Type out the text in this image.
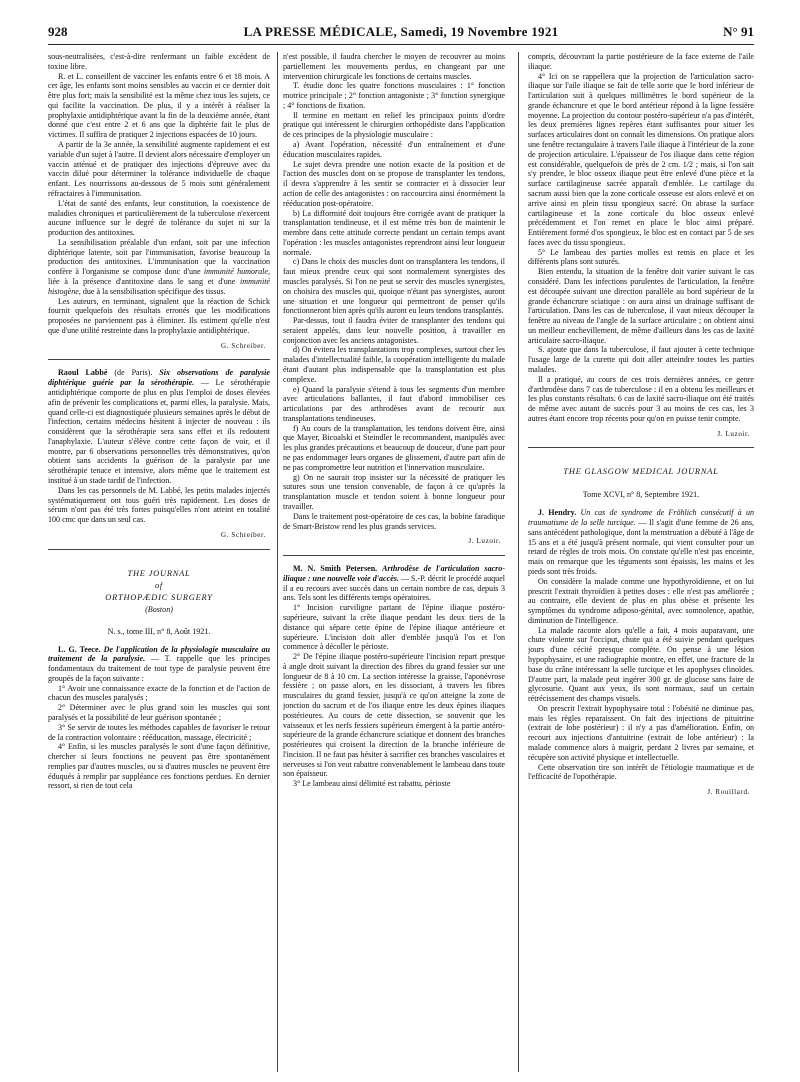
928	LA PRESSE MÉDICALE, Samedi, 19 Novembre 1921	N° 91

sous-neutralisées, c'est-à-dire renfermant un faible excédent de toxine libre.

R. et L. conseillent de vacciner les enfants entre 6 et 18 mois. A cet âge, les enfants sont moins sensibles au vaccin et ce dernier doit être plus fort; mais la sensibilité est la même chez tous les sujets, ce qui facilite la vaccination. De plus, il y a intérêt à réaliser la prophylaxie antidiphtérique avant la fin de la deuxième année, étant donné que c'est entre 2 et 6 ans que la diphtérie fait le plus de victimes. Il suffira de pratiquer 2 injections espacées de 10 jours.

A partir de la 3e année, la sensibilité augmente rapidement et est variable d'un sujet à l'autre. Il devient alors nécessaire d'employer un vaccin atténué et de pratiquer des injections d'épreuve avec du vaccin dilué pour déterminer la tolérance individuelle de chaque enfant. Les nourrissons au-dessous de 5 mois sont généralement réfractaires à l'immunisation.

L'état de santé des enfants, leur constitution, la coexistence de maladies chroniques et particulièrement de la tuberculose n'exercent aucune influence sur le degré de tolérance du sujet ni sur la production des antitoxines.

La sensibilisation préalable d'un enfant, soit par une infection diphtérique latente, soit par l'immunisation, favorise beaucoup la production des antitoxines. L'immunisation que la vaccination confère à l'organisme se compose donc d'une immunité humorale, liée à la présence d'antitoxine dans le sang et d'une immunité histogène, due à la sensibilisation spécifique des tissus.

Les auteurs, en terminant, signalent que la réaction de Schick fournit quelquefois des résultats erronés que les modifications proposées ne parviennent pas à éliminer. Ils estiment qu'elle n'est que d'une utilité restreinte dans la prophylaxie antidiphtérique.

G. Schreiber.

Raoul Labbé (de Paris). Six observations de paralysie diphtérique guérie par la sérothérapie. — Le sérothérapie antidiphtérique comporte de plus en plus l'emploi de doses élevées afin de prévenir les complications et, parmi elles, la paralysie. Mais, quand celle-ci est diagnostiquée plusieurs semaines après le début de l'infection, certains médecins hésitent à injecter de nouveau : ils considèrent que la sérothérapie sera sans effet et ils redoutent l'anaphylaxie. L'auteur s'élève contre cette façon de voir, et il montre, par 6 observations personnelles très démonstratives, qu'on obtient sans accidents la guérison de la paralysie par une sérothérapie tenace et intensive, alors même que le traitement est institué à un stade tardif de l'infection.

Dans les cas personnels de M. Labbé, les petits malades injectés systématiquement ont tous guéri très rapidement. Les doses de sérum n'ont pas été très fortes puisqu'elles n'ont atteint en totalité 100 cmc que dans un seul cas.

G. Schreiber.
THE JOURNAL
of
ORTHOPÆDIC SURGERY
(Boston)
N. s., tome III, n° 8, Août 1921.

L. G. Teece. De l'application de la physiologie musculaire au traitement de la paralysie. — T. rappelle que les principes fondamentaux du traitement de tout type de paralysie peuvent être groupés de la façon suivante :

1° Avoir une connaissance exacte de la fonction et de l'action de chacun des muscles paralysés ;

2° Déterminer avec le plus grand soin les muscles qui sont paralysés et la possibilité de leur guérison spontanée ;

3° Se servir de toutes les méthodes capables de favoriser le retour de la contraction volontaire : rééducation, massage, électricité ;

4° Enfin, si les muscles paralysés le sont d'une façon définitive, chercher si leurs fonctions ne peuvent pas être spontanément remplies par d'autres muscles, ou si d'autres muscles ne peuvent être éduqués à remplir par suppléance ces fonctions perdues. En dernier ressort, si rien de tout cela

n'est possible, il faudra chercher le moyen de recouvrer au moins partiellement les mouvements perdus, en changeant par une intervention chirurgicale les fonctions de certains muscles.

T. étudie donc les quatre fonctions musculaires : 1° fonction motrice principale ; 2° fonction antagoniste ; 3° fonction synergique ; 4° fonctions de fixation.

Il termine en mettant en relief les principaux points d'ordre pratique qui intéressent le chirurgien orthopédiste dans l'application de ces principes de la physiologie musculaire :

a) Avant l'opération, nécessité d'un entraînement et d'une éducation musculaires rapides.

Le sujet devra prendre une notion exacte de la position et de l'action des muscles dont on se propose de transplanter les tendons, il devra s'apprendre à les sentir se contracter et à dissocier leur action de celle des antagonistes : on raccourcira ainsi énormément la rééducation post-opératoire.

b) La difformité doit toujours être corrigée avant de pratiquer la transplantation tendineuse, et il est même très bon de maintenir le membre dans cette attitude correcte pendant un certain temps avant l'opération : les muscles antagonistes reprendront ainsi leur longueur normale.

c) Dans le choix des muscles dont on transplantera les tendons, il faut mieux prendre ceux qui sont normalement synergistes des muscles paralysés. Si l'on ne peut se servir des muscles synergistes, on choisira des muscles qui, quoique n'étant pas synergistes, auront une situation et une longueur qui permettront de penser qu'ils fonctionneront bien après qu'ils auront eu leurs tendons transplantés.

Par-dessus, tout il faudra éviter de transplanter des tendons qui seraient appelés, dans leur nouvelle position, à travailler en conjonction avec les anciens antagonistes.

d) On évitera les transplantations trop complexes, surtout chez les malades d'intellectualité faible, la coopération intelligente du malade étant d'autant plus indispensable que la transplantation est plus complexe.

e) Quand la paralysie s'étend à tous les segments d'un membre avec articulations ballantes, il faut d'abord immobiliser ces articulations par des arthrodèses avant de recourir aux transplantations tendineuses.

f) Au cours de la transplantation, les tendons doivent être, ainsi que Mayer, Bicoalski et Steindler le recommandent, manipulés avec les plus grandes précautions et beaucoup de douceur, d'une part pour ne pas endommager leurs organes de glissement, d'autre part afin de ne pas compromettre leur nutrition et l'innervation musculaire.

g) On ne saurait trop insister sur la nécessité de pratiquer les sutures sous une tension convenable, de façon à ce qu'après la transplantation muscle et tendon soient à bonne longueur pour travailler.

Dans le traitement post-opératoire de ces cas, la bobine faradique de Smart-Bristow rend les plus grands services.

J. Luzoir.

M. N. Smith Petersen. Arthrodèse de l'articulation sacro-iliaque : une nouvelle voie d'accès. — S.-P. décrit le procédé auquel il a eu recours avec succès dans un certain nombre de cas, depuis 3 ans. Tels sont les différents temps opératoires.

1° Incision curviligne partant de l'épine iliaque postéro-supérieure, suivant la crête iliaque pendant les deux tiers de la distance qui sépare cette épine de l'épine iliaque antérieure et supérieure. L'incision doit aller d'emblée jusqu'à l'os et l'on commence à décoller le périoste.

2° De l'épine iliaque postéro-supérieure l'incision repart presque à angle droit suivant la direction des fibres du grand fessier sur une longueur de 8 à 10 cm. La section intéresse la graisse, l'aponévrose fessière ; on passe alors, en les dissociant, à travers les fibres musculaires du grand fessier, jusqu'à ce qu'on atteigne la zone de jonction du sacrum et de l'os iliaque entre les deux épines iliaques postérieures. Au cours de cette dissection, se souvenir que les vaisseaux et les nerfs fessiers supérieurs émergent à la partie antéro-supérieure de la grande échancrure sciatique et donnent des branches postérieures qui croisent la direction de la branche inférieure de l'incision. Il ne faut pas hésiter à sacrifier ces branches vasculaires et nerveuses si l'on veut rabattre convenablement le lambeau dans toute son épaisseur.

3° Le lambeau ainsi délimité est rabattu, périoste

compris, découvrant la partie postérieure de la face externe de l'aile iliaque.

4° Ici on se rappellera que la projection de l'articulation sacro-iliaque sur l'aile iliaque se fait de telle sorte que le bord inférieur de l'articulation suit à quelques millimètres le bord supérieur de la grande échancrure et que le bord antérieur répond à la ligne fessière moyenne. La projection du contour postéro-supérieur n'a pas d'intérêt, les deux premières lignes repères étant suffisantes pour situer les surfaces articulaires dont on connaît les dimensions. On pratique alors une fenêtre rectangulaire à travers l'aile iliaque à l'intérieur de la zone de projection articulaire. L'épaisseur de l'os iliaque dans cette région est considérable, quelquefois de près de 2 cm. 1/2 ; mais, si l'on sait s'y prendre, le bloc osseux iliaque peut être enlevé d'une pièce et la surface cartilagineuse sacrée apparaît d'emblée. Le cartilage du sacrum aussi bien que la zone corticale osseuse est alors enlevé et on arrive ainsi en plein tissu spongieux sacré. On abrase la surface cartilagineuse et la zone corticale du bloc osseux enlevé précédemment et l'on remet en place le bloc ainsi préparé. Entièrement formé d'os spongieux, le bloc est en contact par 5 de ses faces avec du tissu spongieux.

5° Le lambeau des parties molles est remis en place et les différents plans sont suturés.

Bien entendu, la situation de la fenêtre doit varier suivant le cas considéré. Dans les infections purulentes de l'articulation, la fenêtre est découpée suivant une direction parallèle au bord supérieur de la grande échancrure sciatique : on aura ainsi un drainage suffisant de l'articulation. Dans les cas de tuberculose, il vaut mieux découper la fenêtre au niveau de l'angle de la surface articulaire ; on obtient ainsi un meilleur enchevillement, de même d'ailleurs dans les cas de laxité articulaire sacro-iliaque.

S. ajoute que dans la tuberculose, il faut ajouter à cette technique l'usage large de la curette qui doit aller atteindre toutes les parties malades.

Il a pratiqué, au cours de ces trois dernières années, ce genre d'arthrodèse dans 7 cas de tuberculose : il en a obtenu les meilleurs et les plus constants résultats. 6 cas de laxité sacro-iliaque ont été traités de même avec autant de succès pour 3 au moins de ces cas, les 3 autres étant encore trop récents pour qu'on en puisse tenir compte.

J. Luzoir.
THE GLASGOW MEDICAL JOURNAL
Tome XCVI, n° 8, Septembre 1921.

J. Hendry. Un cas de syndrome de Fröhlich consécutif à un traumatisme de la selle turcique. — Il s'agit d'une femme de 26 ans, sans antécédent pathologique, dont la menstruation a débuté à l'âge de 15 ans et a été jusqu'à présent normale, qui vient consulter pour un retard de règles de trois mois. On constate qu'elle n'est pas enceinte, mais on remarque que les téguments sont épaissis, les mains et les pieds sont très froids.

On considère la malade comme une hypothyroïdienne, et on lui prescrit l'extrait thyroïdien à petites doses : elle n'est pas améliorée ; au contraire, elle devient de plus en plus obèse et présente les symptômes du syndrome adiposo-génital, avec somnolence, apathie, diminution de l'intelligence.

La malade raconte alors qu'elle a fait, 4 mois auparavant, une chute violente sur l'occiput, chute qui a été suivie pendant quelques jours d'une cécité presque complète. On pense à une lésion hypophysaire, et une radiographie montre, en effet, une fracture de la base du crâne intéressant la selle turcique et les apophyses clinoïdes. D'autre part, la malade peut ingérer 300 gr. de glucose sans faire de glycosurie. Quant aux yeux, ils sont normaux, sauf un certain rétrécissement des champs visuels.

On prescrit l'extrait hypophysaire total : l'obésité ne diminue pas, mais les règles reparaissent. On fait des injections de pituitrine (extrait de lobe postérieur) : il n'y a pas d'amélioration. Enfin, on recourt aux injections d'antuitrine (extrait de lobe antérieur) : la malade commence alors à maigrir, perdant 2 livres par semaine, et récupère son activité physique et intellectuelle.

Cette observation tire son intérêt de l'étiologie traumatique et de l'efficacité de l'opothérapie.

J. Rouillard.
